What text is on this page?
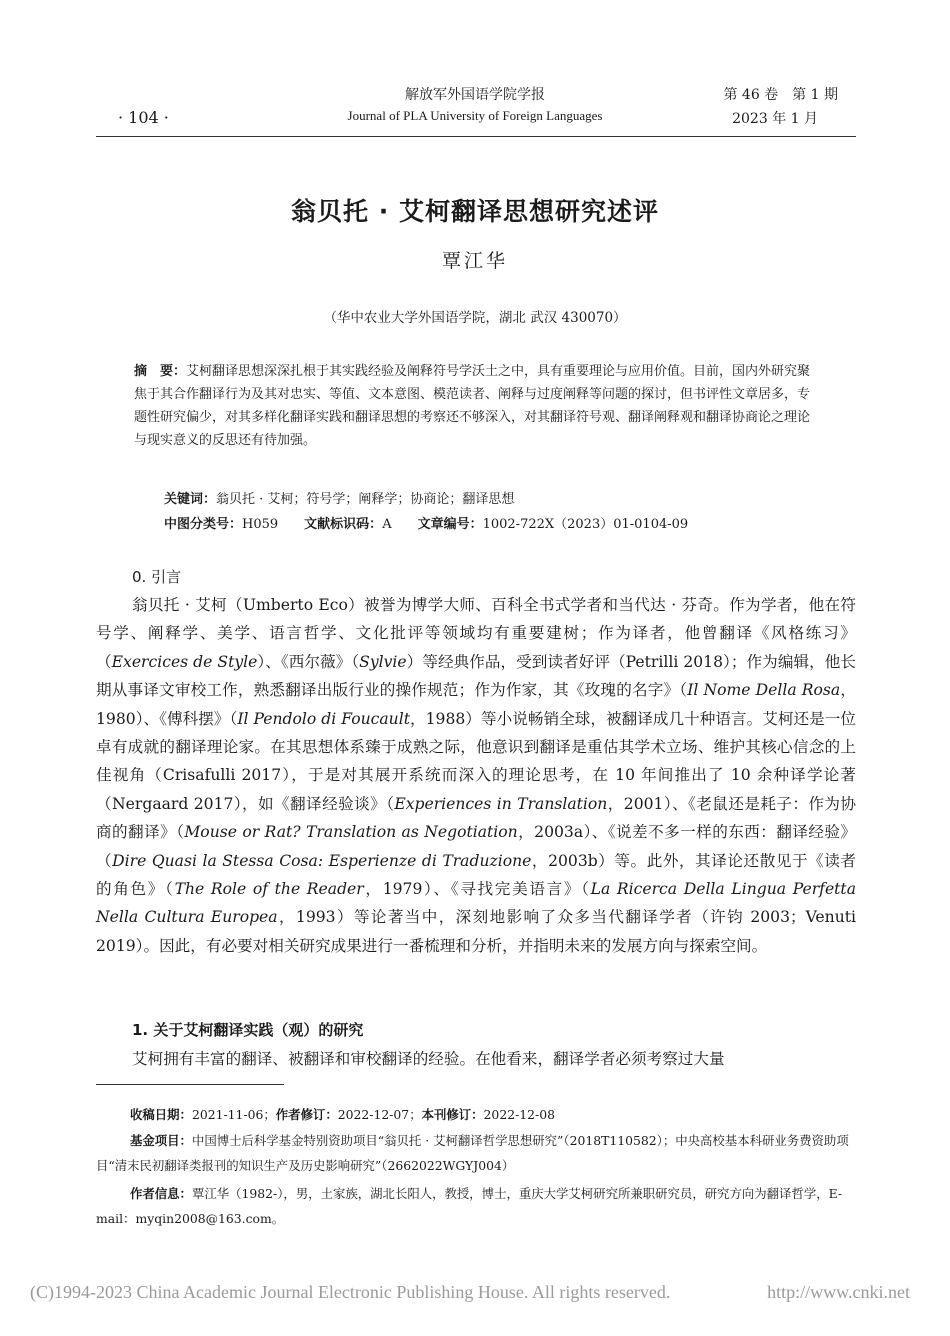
· 104 ·
解放军外国语学院学报
Journal of PLA University of Foreign Languages
第 46 卷　第 1 期
2023 年 1 月
翁贝托 · 艾柯翻译思想研究述评
覃江华
（华中农业大学外国语学院，湖北 武汉 430070）
摘　要：艾柯翻译思想深深扎根于其实践经验及阐释符号学沃土之中，具有重要理论与应用价值。目前，国内外研究聚焦于其合作翻译行为及其对忠实、等值、文本意图、模范读者、阐释与过度阐释等问题的探讨，但书评性文章居多，专题性研究偏少，对其多样化翻译实践和翻译思想的考察还不够深入，对其翻译符号观、翻译阐释观和翻译协商论之理论与现实意义的反思还有待加强。
关键词：翁贝托 · 艾柯；符号学；阐释学；协商论；翻译思想
中图分类号：H059 文献标识码：A 文章编号：1002-722X（2023）01-0104-09
0. 引言

翁贝托 · 艾柯（Umberto Eco）被誉为博学大师、百科全书式学者和当代达 · 芬奇。作为学者，他在符号学、阐释学、美学、语言哲学、文化批评等领域均有重要建树；作为译者，他曾翻译《风格练习》（Exercices de Style）、《西尔薇》（Sylvie）等经典作品，受到读者好评（Petrilli 2018）；作为编辑，他长期从事译文审校工作，熟悉翻译出版行业的操作规范；作为作家，其《玫瑰的名字》（Il Nome Della Rosa，1980）、《傅科摆》（Il Pendolo di Foucault，1988）等小说畅销全球，被翻译成几十种语言。艾柯还是一位卓有成就的翻译理论家。在其思想体系臻于成熟之际，他意识到翻译是重估其学术立场、维护其核心信念的上佳视角（Crisafulli 2017），于是对其展开系统而深入的理论思考，在 10 年间推出了 10 余种译学论著（Nergaard 2017），如《翻译经验谈》（Experiences in Translation，2001）、《老鼠还是耗子：作为协商的翻译》（Mouse or Rat? Translation as Negotiation，2003a）、《说差不多一样的东西：翻译经验》（Dire Quasi la Stessa Cosa: Esperienze di Traduzione，2003b）等。此外，其译论还散见于《读者的角色》（The Role of the Reader，1979）、《寻找完美语言》（La Ricerca Della Lingua Perfetta Nella Cultura Europea，1993）等论著当中，深刻地影响了众多当代翻译学者（许钧 2003；Venuti 2019）。因此，有必要对相关研究成果进行一番梳理和分析，并指明未来的发展方向与探索空间。

1. 关于艾柯翻译实践（观）的研究

艾柯拥有丰富的翻译、被翻译和审校翻译的经验。在他看来，翻译学者必须考察过大量

收稿日期：2021-11-06；作者修订：2022-12-07；本刊修订：2022-12-08
基金项目：中国博士后科学基金特别资助项目“翁贝托 · 艾柯翻译哲学思想研究”（2018T110582）；中央高校基本科研业务费资助项目“清末民初翻译类报刊的知识生产及历史影响研究”（2662022WGYJ004）
作者信息：覃江华（1982-），男，土家族，湖北长阳人，教授，博士，重庆大学艾柯研究所兼职研究员，研究方向为翻译哲学，E-mail：myqin2008@163.com。
(C)1994-2023 China Academic Journal Electronic Publishing House. All rights reserved.	http://www.cnki.net
